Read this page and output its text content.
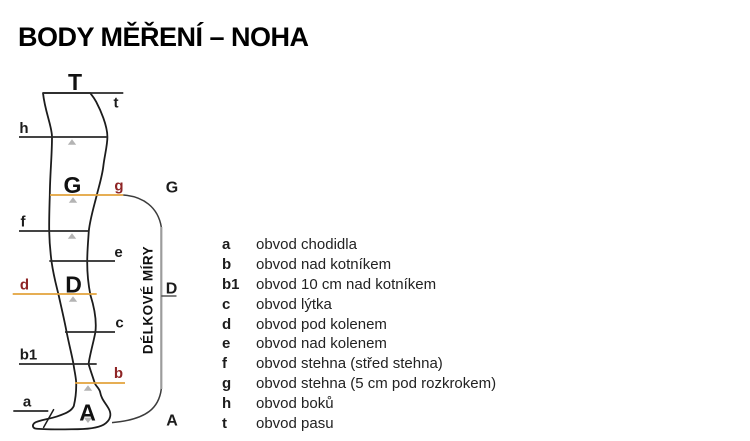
BODY MĚŘENÍ – NOHA
T
G
D
A
t
h
f
e
c
b1
a
g
d
b
G
D
A
DÉLKOVÉ MÍRY
a	obvod chodidla
b	obvod nad kotníkem
b1	obvod 10 cm nad kotníkem
c	obvod lýtka
d	obvod pod kolenem
e	obvod nad kolenem
f	obvod stehna (střed stehna)
g	obvod stehna (5 cm pod rozkrokem)
h	obvod boků
t	obvod pasu
